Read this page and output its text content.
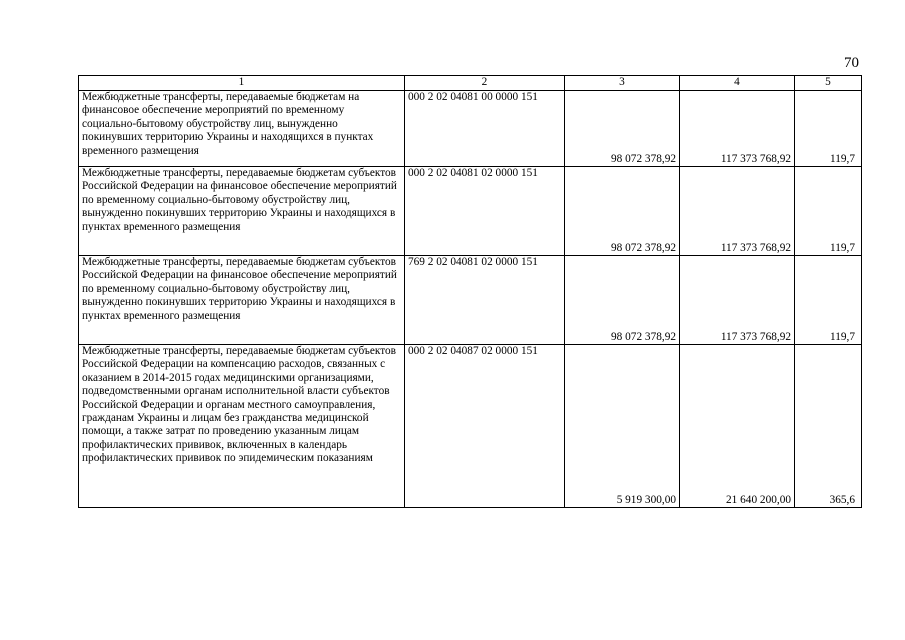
70
1	2	3	4	5
Межбюджетные трансферты, передаваемые бюджетам на финансовое обеспечение мероприятий по временному социально-бытовому обустройству лиц, вынужденно покинувших территорию Украины и находящихся в пунктах временного размещения	000 2 02 04081 00 0000 151	98 072 378,92	117 373 768,92	119,7
Межбюджетные трансферты, передаваемые бюджетам субъектов Российской Федерации на финансовое обеспечение мероприятий по временному социально-бытовому обустройству лиц, вынужденно покинувших территорию Украины и находящихся в пунктах временного размещения	000 2 02 04081 02 0000 151	98 072 378,92	117 373 768,92	119,7
Межбюджетные трансферты, передаваемые бюджетам субъектов Российской Федерации на финансовое обеспечение мероприятий по временному социально-бытовому обустройству лиц, вынужденно покинувших территорию Украины и находящихся в пунктах временного размещения	769 2 02 04081 02 0000 151	98 072 378,92	117 373 768,92	119,7
Межбюджетные трансферты, передаваемые бюджетам субъектов Российской Федерации на компенсацию расходов, связанных с оказанием в 2014-2015 годах медицинскими организациями, подведомственными органам исполнительной власти субъектов Российской Федерации и органам местного самоуправления, гражданам Украины и лицам без гражданства медицинской помощи, а также затрат по проведению указанным лицам профилактических прививок, включенных в календарь профилактических прививок по эпидемическим показаниям	000 2 02 04087 02 0000 151	5 919 300,00	21 640 200,00	365,6
